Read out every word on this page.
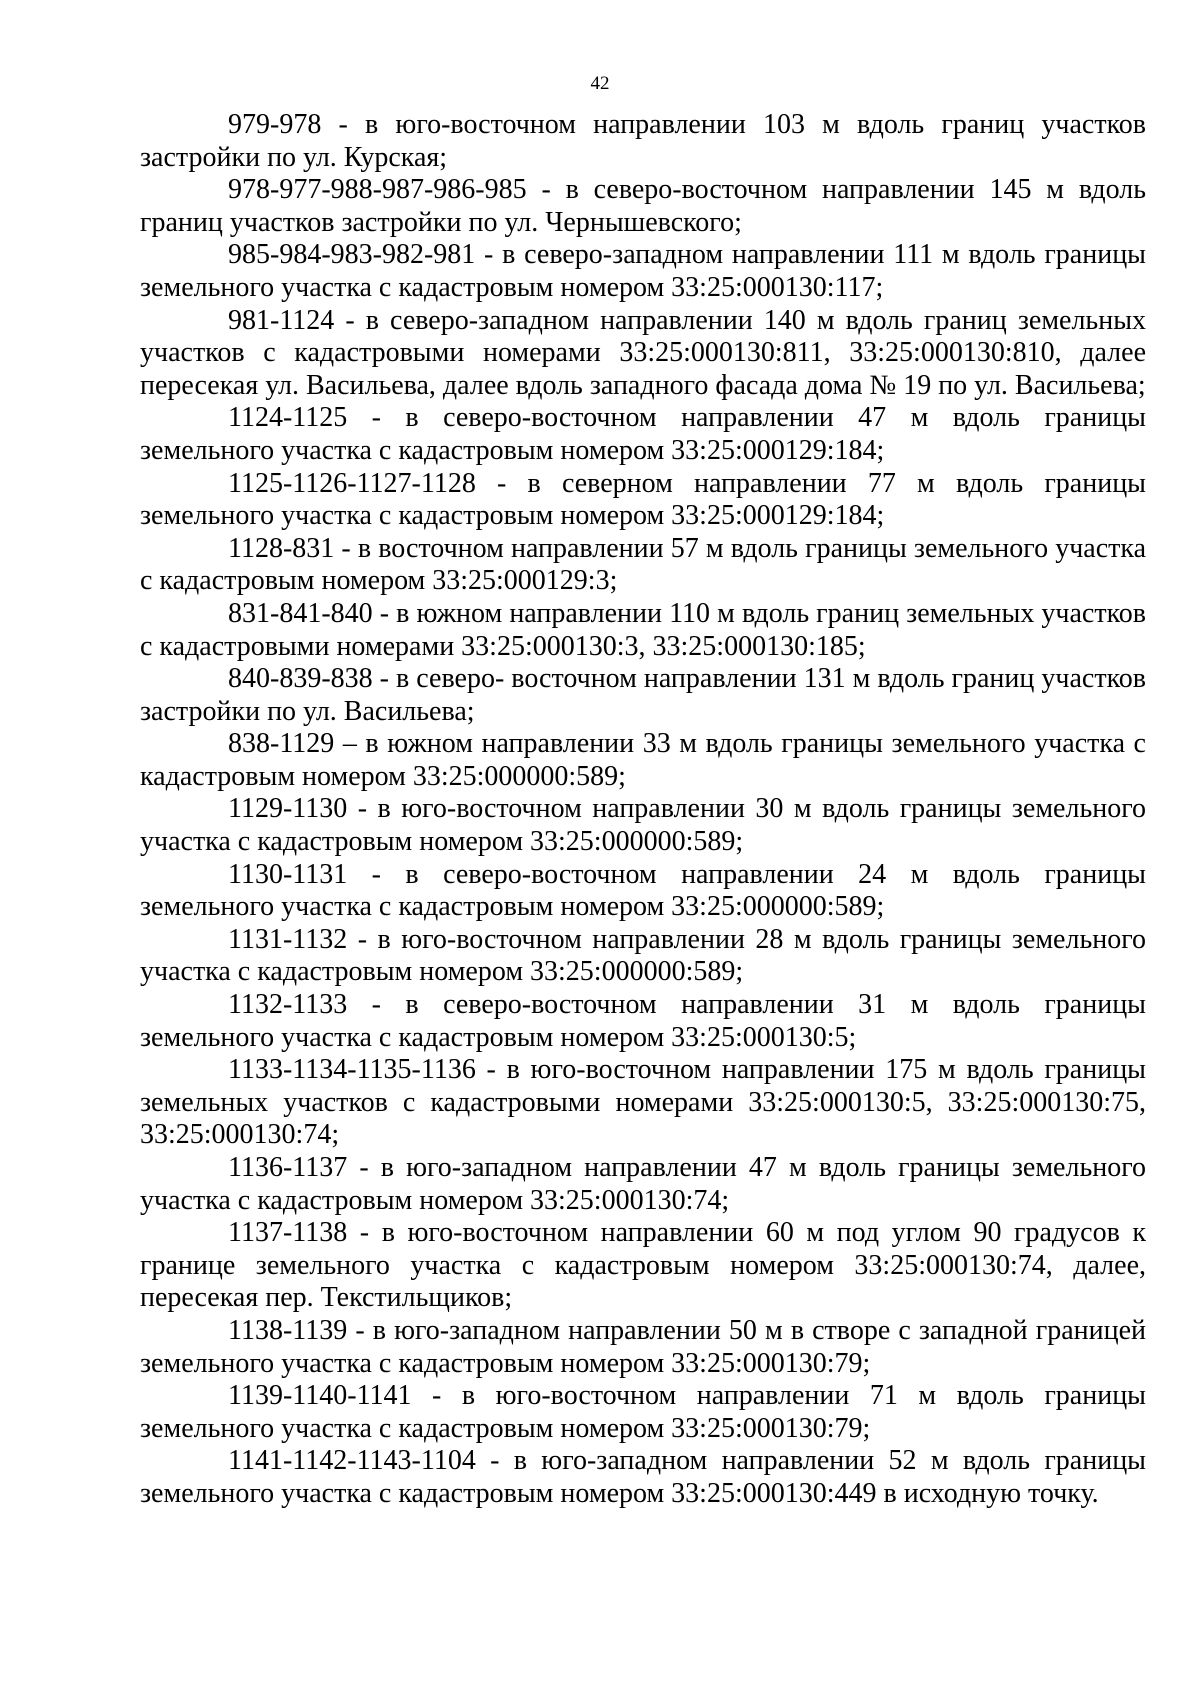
42

979-978 - в юго-восточном направлении 103 м вдоль границ участков застройки по ул. Курская;

978-977-988-987-986-985 - в северо-восточном направлении 145 м вдоль границ участков застройки по ул. Чернышевского;

985-984-983-982-981 - в северо-западном направлении 111 м вдоль границы земельного участка с кадастровым номером 33:25:000130:117;

981-1124 - в северо-западном направлении 140 м вдоль границ земельных участков с кадастровыми номерами 33:25:000130:811, 33:25:000130:810, далее пересекая ул. Васильева, далее вдоль западного фасада дома № 19 по ул. Васильева;

1124-1125 - в северо-восточном направлении 47 м вдоль границы земельного участка с кадастровым номером 33:25:000129:184;

1125-1126-1127-1128 - в северном направлении 77 м вдоль границы земельного участка с кадастровым номером 33:25:000129:184;

1128-831 - в восточном направлении 57 м вдоль границы земельного участка с кадастровым номером 33:25:000129:3;

831-841-840 - в южном направлении 110 м вдоль границ земельных участков с кадастровыми номерами 33:25:000130:3, 33:25:000130:185;

840-839-838 - в северо- восточном направлении 131 м вдоль границ участков застройки по ул. Васильева;

838-1129 – в южном направлении 33 м вдоль границы земельного участка с кадастровым номером 33:25:000000:589;

1129-1130 - в юго-восточном направлении 30 м вдоль границы земельного участка с кадастровым номером 33:25:000000:589;

1130-1131 - в северо-восточном направлении 24 м вдоль границы земельного участка с кадастровым номером 33:25:000000:589;

1131-1132 - в юго-восточном направлении 28 м вдоль границы земельного участка с кадастровым номером 33:25:000000:589;

1132-1133 - в северо-восточном направлении 31 м вдоль границы земельного участка с кадастровым номером 33:25:000130:5;

1133-1134-1135-1136 - в юго-восточном направлении 175 м вдоль границы земельных участков с кадастровыми номерами 33:25:000130:5, 33:25:000130:75, 33:25:000130:74;

1136-1137 - в юго-западном направлении 47 м вдоль границы земельного участка с кадастровым номером 33:25:000130:74;

1137-1138 - в юго-восточном направлении 60 м под углом 90 градусов к границе земельного участка с кадастровым номером 33:25:000130:74, далее, пересекая пер. Текстильщиков;

1138-1139 - в юго-западном направлении 50 м в створе с западной границей земельного участка с кадастровым номером 33:25:000130:79;

1139-1140-1141 - в юго-восточном направлении 71 м вдоль границы земельного участка с кадастровым номером 33:25:000130:79;

1141-1142-1143-1104 - в юго-западном направлении 52 м вдоль границы земельного участка с кадастровым номером 33:25:000130:449 в исходную точку.
